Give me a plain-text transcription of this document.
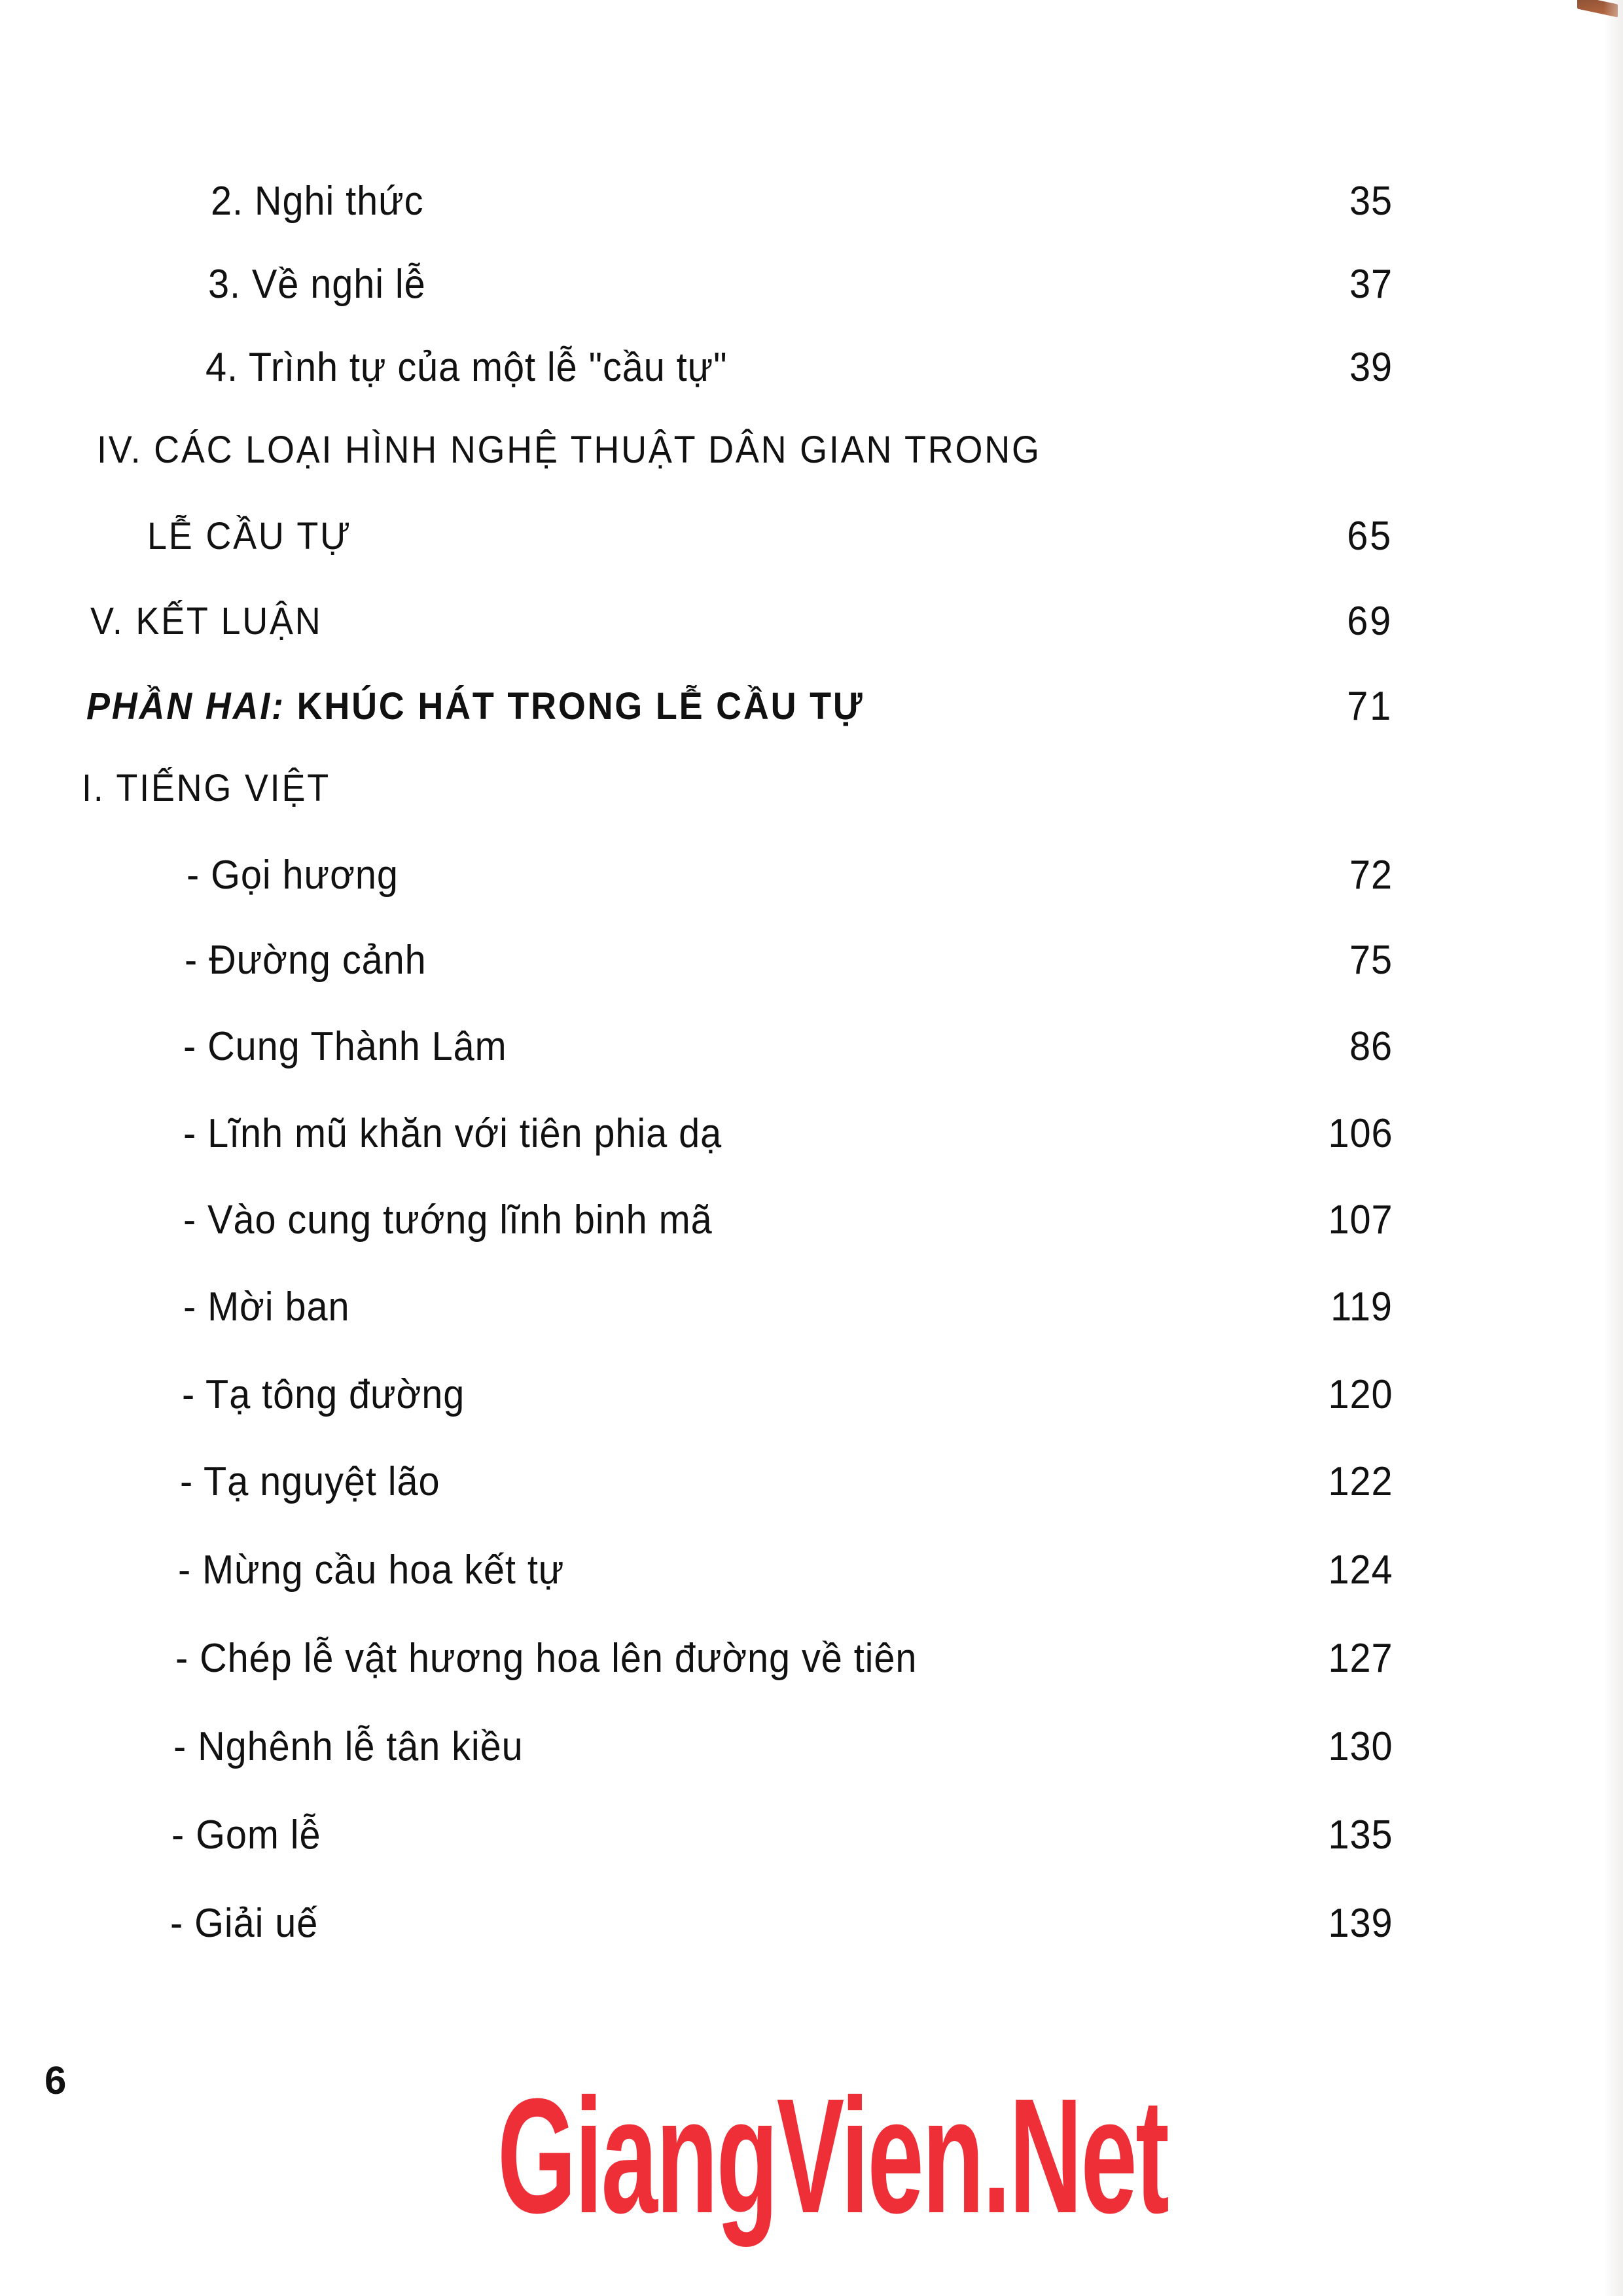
2. Nghi thức	35
3. Về nghi lễ	37
4. Trình tự của một lễ "cầu tự"	39
IV. CÁC LOẠI HÌNH NGHỆ THUẬT DÂN GIAN TRONG
LỄ CẦU TỰ	65
V. KẾT LUẬN	69
PHẦN HAI: KHÚC HÁT TRONG LỄ CẦU TỰ	71
I. TIẾNG VIỆT
- Gọi hương	72
- Đường cảnh	75
- Cung Thành Lâm	86
- Lĩnh mũ khăn với tiên phia dạ	106
- Vào cung tướng lĩnh binh mã	107
- Mời ban	119
- Tạ tông đường	120
- Tạ nguyệt lão	122
- Mừng cầu hoa kết tự	124
- Chép lễ vật hương hoa lên đường về tiên	127
- Nghênh lễ tân kiều	130
- Gom lễ	135
- Giải uế	139
6	GiangVien.Net
